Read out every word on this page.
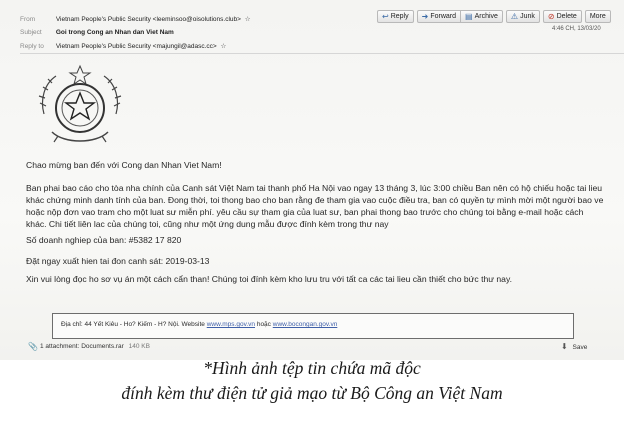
From	Vietnam People's Public Security <leeminsoo@oisolutions.club> ☆
Subject Goi trong Cong an Nhan dan Viet Nam
Reply to Vietnam People's Public Security <majungil@adasc.cc> ☆
↩ Reply ➜ Forward ▤ Archive ⚠ Junk ⊘ Delete More
4:46 CH, 13/03/20
Chao mừng ban đến với Cong dan Nhan Viet Nam!
Ban phai bao cáo cho tòa nha chính của Canh sát Việt Nam tai thanh phố Ha Nội vao ngay 13 tháng 3, lúc 3:00 chiều Ban nên có hộ chiếu hoặc tai lieu khác chứng minh danh tính của ban. Đong thời, toi thong bao cho ban rằng đe tham gia vao cuộc điều tra, ban có quyền tự mình mời một người bao ve hoặc nộp đơn vao tram cho một luat sư miễn phí. yêu cầu sự tham gia của luat sư, ban phai thong bao trước cho chúng toi bằng e-mail hoặc cách khác. Chi tiết liên lac của chúng toi, cũng như một ứng dung mẫu được đính kèm trong thư nay
Số doanh nghiep của ban: #5382 17 820
Đặt ngay xuất hien tai đon canh sát: 2019-03-13
Xin vui lòng đọc ho sơ vụ án một cách cẩn than! Chúng toi đính kèm kho lưu tru với tất ca các tai lieu cần thiết cho bức thư nay.
Địa chỉ: 44 Yết Kiêu - Ho? Kiếm - H? Nội. Website www.mps.gov.vn hoặc www.bocongan.gov.vn
📎 1 attachment: Documents.rar 140 KB	⬇ Save
*Hình ảnh tệp tin chứa mã độc
đính kèm thư điện tử giả mạo từ Bộ Công an Việt Nam
